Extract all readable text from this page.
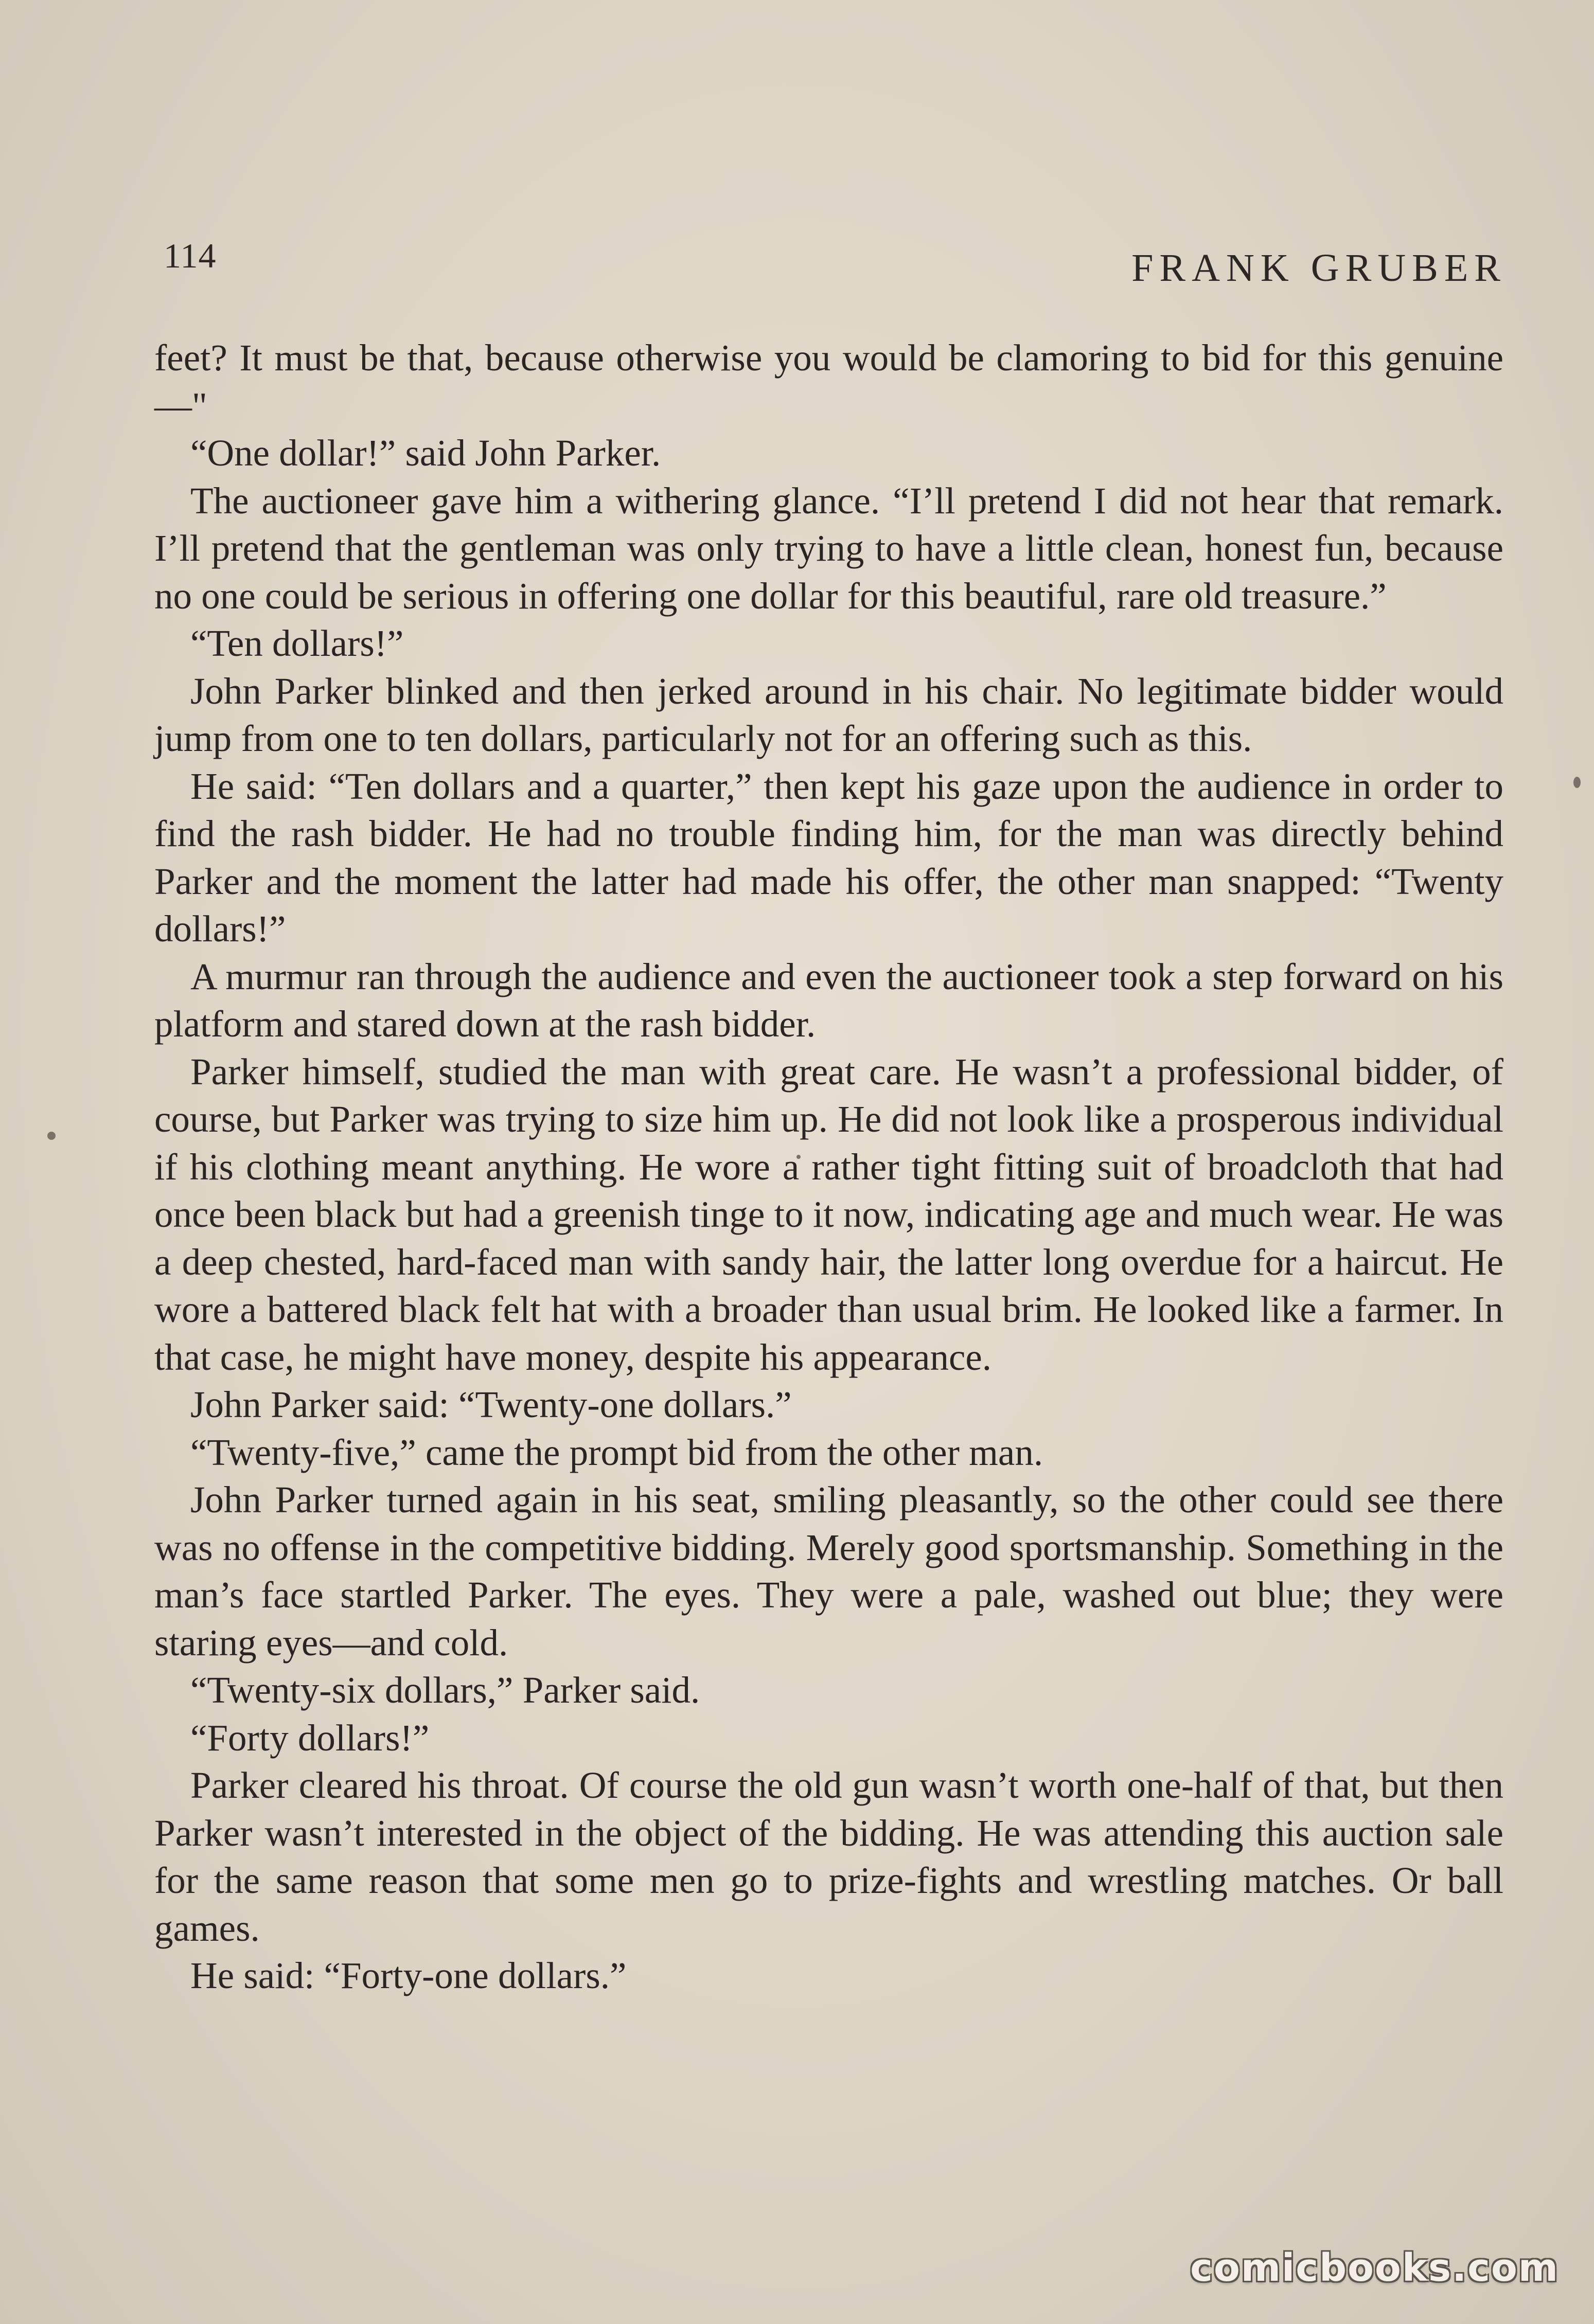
114	FRANK GRUBER

feet? It must be that, because otherwise you would be clamoring to bid for this genuine—"

“One dollar!” said John Parker.

The auctioneer gave him a withering glance. “I’ll pretend I did not hear that remark. I’ll pretend that the gentleman was only trying to have a little clean, honest fun, because no one could be serious in offering one dollar for this beautiful, rare old treasure.”

“Ten dollars!”

John Parker blinked and then jerked around in his chair. No legitimate bidder would jump from one to ten dollars, particularly not for an offering such as this.

He said: “Ten dollars and a quarter,” then kept his gaze upon the audience in order to find the rash bidder. He had no trouble finding him, for the man was directly behind Parker and the moment the latter had made his offer, the other man snapped: “Twenty dollars!”

A murmur ran through the audience and even the auctioneer took a step forward on his platform and stared down at the rash bidder.

Parker himself, studied the man with great care. He wasn’t a professional bidder, of course, but Parker was trying to size him up. He did not look like a prosperous individual if his clothing meant anything. He wore a rather tight fitting suit of broadcloth that had once been black but had a greenish tinge to it now, indicating age and much wear. He was a deep chested, hard-faced man with sandy hair, the latter long overdue for a haircut. He wore a battered black felt hat with a broader than usual brim. He looked like a farmer. In that case, he might have money, despite his appearance.

John Parker said: “Twenty-one dollars.”

“Twenty-five,” came the prompt bid from the other man.

John Parker turned again in his seat, smiling pleasantly, so the other could see there was no offense in the competitive bidding. Merely good sportsmanship. Something in the man’s face startled Parker. The eyes. They were a pale, washed out blue; they were staring eyes—and cold.

“Twenty-six dollars,” Parker said.

“Forty dollars!”

Parker cleared his throat. Of course the old gun wasn’t worth one-half of that, but then Parker wasn’t interested in the object of the bidding. He was attending this auction sale for the same reason that some men go to prize-fights and wrestling matches. Or ball games.

He said: “Forty-one dollars.”

comicbooks.com
